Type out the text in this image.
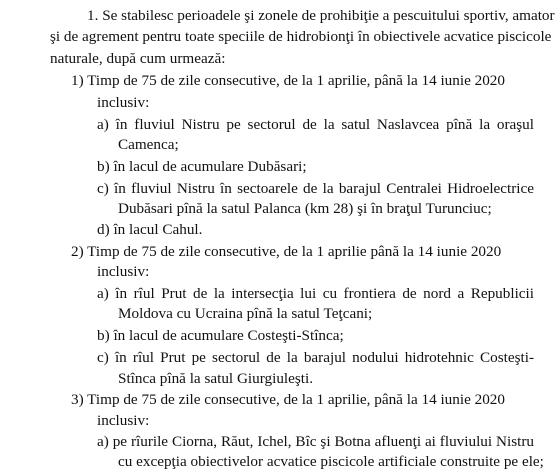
1. Se stabilesc perioadele şi zonele de prohibiţie a pescuitului sportiv, amator
şi de agrement pentru toate speciile de hidrobionţi în obiectivele acvatice piscicole
naturale, după cum urmează:
1) Timp de 75 de zile consecutive, de la 1 aprilie, până la 14 iunie 2020
inclusiv:
a) în fluviul Nistru pe sectorul de la satul Naslavcea pînă la oraşul
Camenca;
b) în lacul de acumulare Dubăsari;
c) în fluviul Nistru în sectoarele de la barajul Centralei Hidroelectrice
Dubăsari pînă la satul Palanca (km 28) şi în braţul Turunciuc;
d) în lacul Cahul.
2) Timp de 75 de zile consecutive, de la 1 aprilie până la 14 iunie 2020
inclusiv:
a) în rîul Prut de la intersecţia lui cu frontiera de nord a Republicii
Moldova cu Ucraina pînă la satul Teţcani;
b) în lacul de acumulare Costeşti-Stînca;
c) în rîul Prut pe sectorul de la barajul nodului hidrotehnic Costeşti-
Stînca pînă la satul Giurgiuleşti.
3) Timp de 75 de zile consecutive, de la 1 aprilie, până la 14 iunie 2020
inclusiv:
a) pe rîurile Ciorna, Răut, Ichel, Bîc şi Botna afluenţi ai fluviului Nistru
cu excepţia obiectivelor acvatice piscicole artificiale construite pe ele;
